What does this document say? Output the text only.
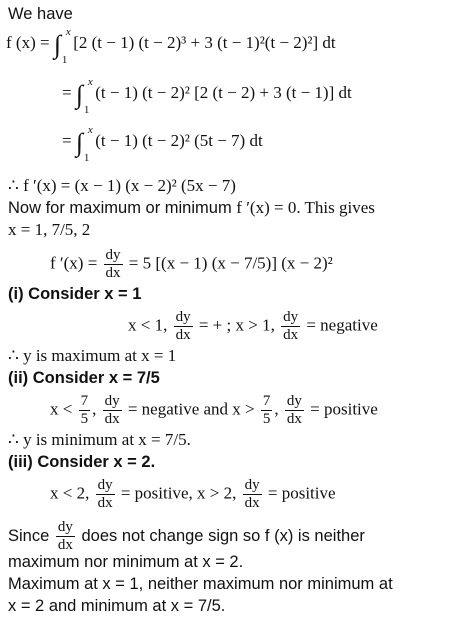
We have
f (x) = ∫ x
1
[2 (t − 1) (t − 2)³ + 3 (t − 1)²(t − 2)²] dt
= ∫ x
1
(t − 1) (t − 2)² [2 (t − 2) + 3 (t − 1)] dt
= ∫ x
1
(t − 1) (t − 2)² (5t − 7) dt
∴ f ′(x) = (x − 1) (x − 2)² (5x − 7)
Now for maximum or minimum f ′(x) = 0. This gives
x = 1, 7/5, 2
f $'(x) = \frac{dy}{dx} = 5$ [(x − 1) (x − 7/5)] (x − 2)²
(i) Consider x = 1
x < 1, $\frac{dy}{dx}$ = + ; x > 1, $\frac{dy}{dx}$ = negative
∴ y is maximum at x = 1
(ii) Consider x = 7/5
$x < \frac{7}{5}$ , $\frac{dy}{dx}$ = negative and $x > \frac{7}{5}$ , $\frac{dy}{dx}$ = positive
∴ y is minimum at x = 7/5.
(iii) Consider x = 2.
x < 2, $\frac{dy}{dx}$ = positive, x > 2, $\frac{dy}{dx}$ = positive
Since $\frac{dy}{dx}$ does not change sign so f (x) is neither
maximum nor minimum at x = 2.
Maximum at x = 1, neither maximum nor minimum at
x = 2 and minimum at x = 7/5.
